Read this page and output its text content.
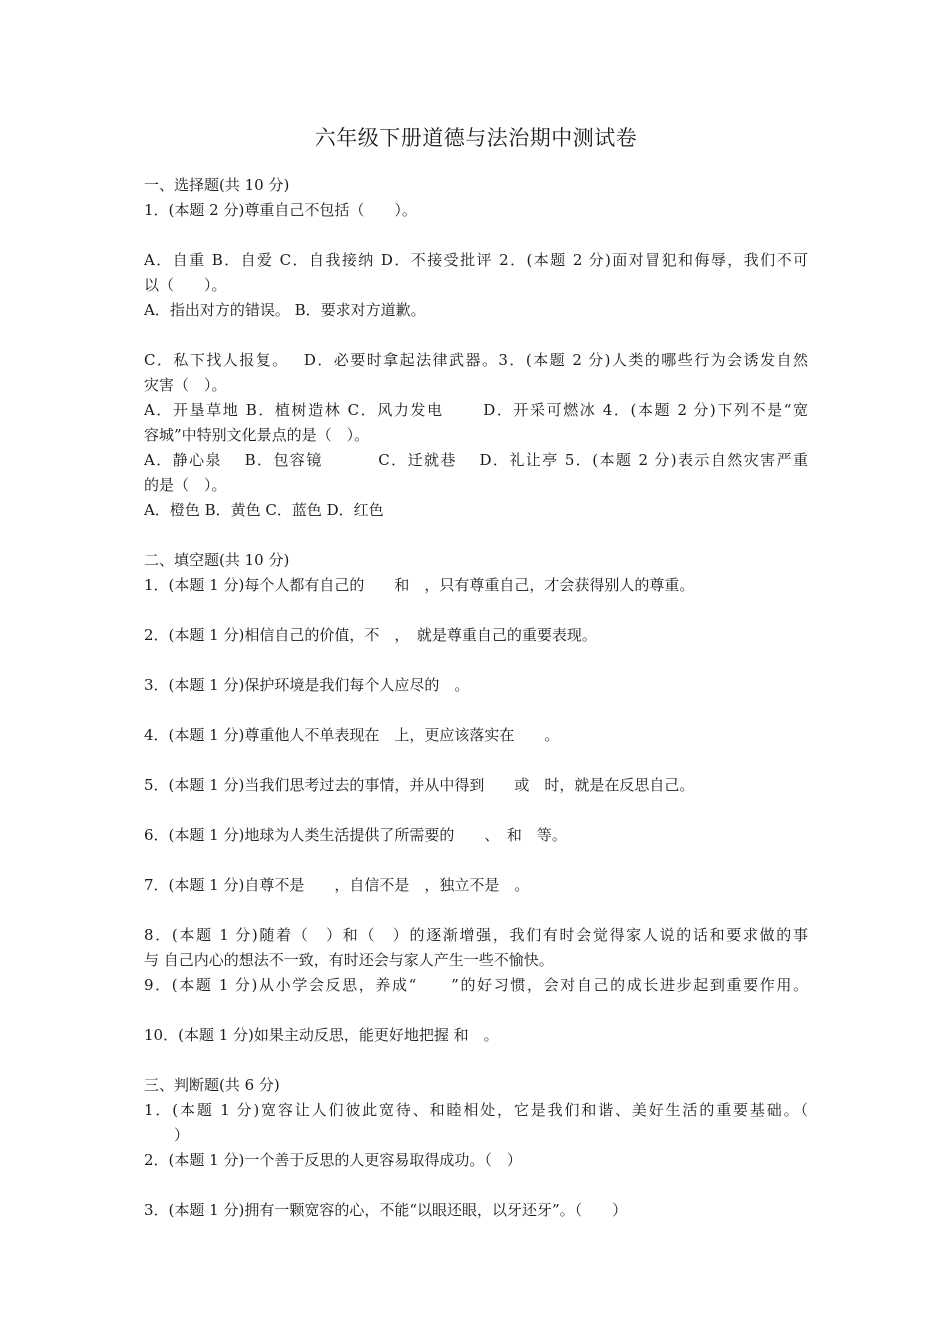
六年级下册道德与法治期中测试卷
一、选择题(共 10 分)
1．(本题 2 分)尊重自己不包括（　　）。
A．自重 B．自爱 C．自我接纳 D．不接受批评 2．(本题 2 分)面对冒犯和侮辱，我们不可
以（　　）。
A．指出对方的错误。 B．要求对方道歉。
C．私下找人报复。　 D．必要时拿起法律武器。3．(本题 2 分)人类的哪些行为会诱发自然
灾害（　）。
A．开垦草地 B．植树造林 C．风力发电　　 D．开采可燃冰 4．(本题 2 分)下列不是“宽
容城”中特别文化景点的是（　）。
A．静心泉　 B．包容镜　　　 C．迁就巷　 D．礼让亭 5．(本题 2 分)表示自然灾害严重
的是（　）。
A．橙色 B．黄色 C．蓝色 D．红色
二、填空题(共 10 分)
1．(本题 1 分)每个人都有自己的　　和　，只有尊重自己，才会获得别人的尊重。
2．(本题 1 分)相信自己的价值，不　，　就是尊重自己的重要表现。
3．(本题 1 分)保护环境是我们每个人应尽的　。
4．(本题 1 分)尊重他人不单表现在　上，更应该落实在　　。
5．(本题 1 分)当我们思考过去的事情，并从中得到　　或　时，就是在反思自己。
6．(本题 1 分)地球为人类生活提供了所需要的　　、　和　等。
7．(本题 1 分)自尊不是　　，自信不是　，独立不是　。
8．(本题 1 分)随着（　）和（　）的逐渐增强，我们有时会觉得家人说的话和要求做的事
与 自己内心的想法不一致，有时还会与家人产生一些不愉快。
9．(本题 1 分)从小学会反思，养成“　　”的好习惯，会对自己的成长进步起到重要作用。
10．(本题 1 分)如果主动反思，能更好地把握 和　。
三、判断题(共 6 分)
1．(本题 1 分)宽容让人们彼此宽待、和睦相处，它是我们和谐、美好生活的重要基础。（
　　）
2．(本题 1 分)一个善于反思的人更容易取得成功。（　）
3．(本题 1 分)拥有一颗宽容的心，不能“以眼还眼，以牙还牙”。（　　）
